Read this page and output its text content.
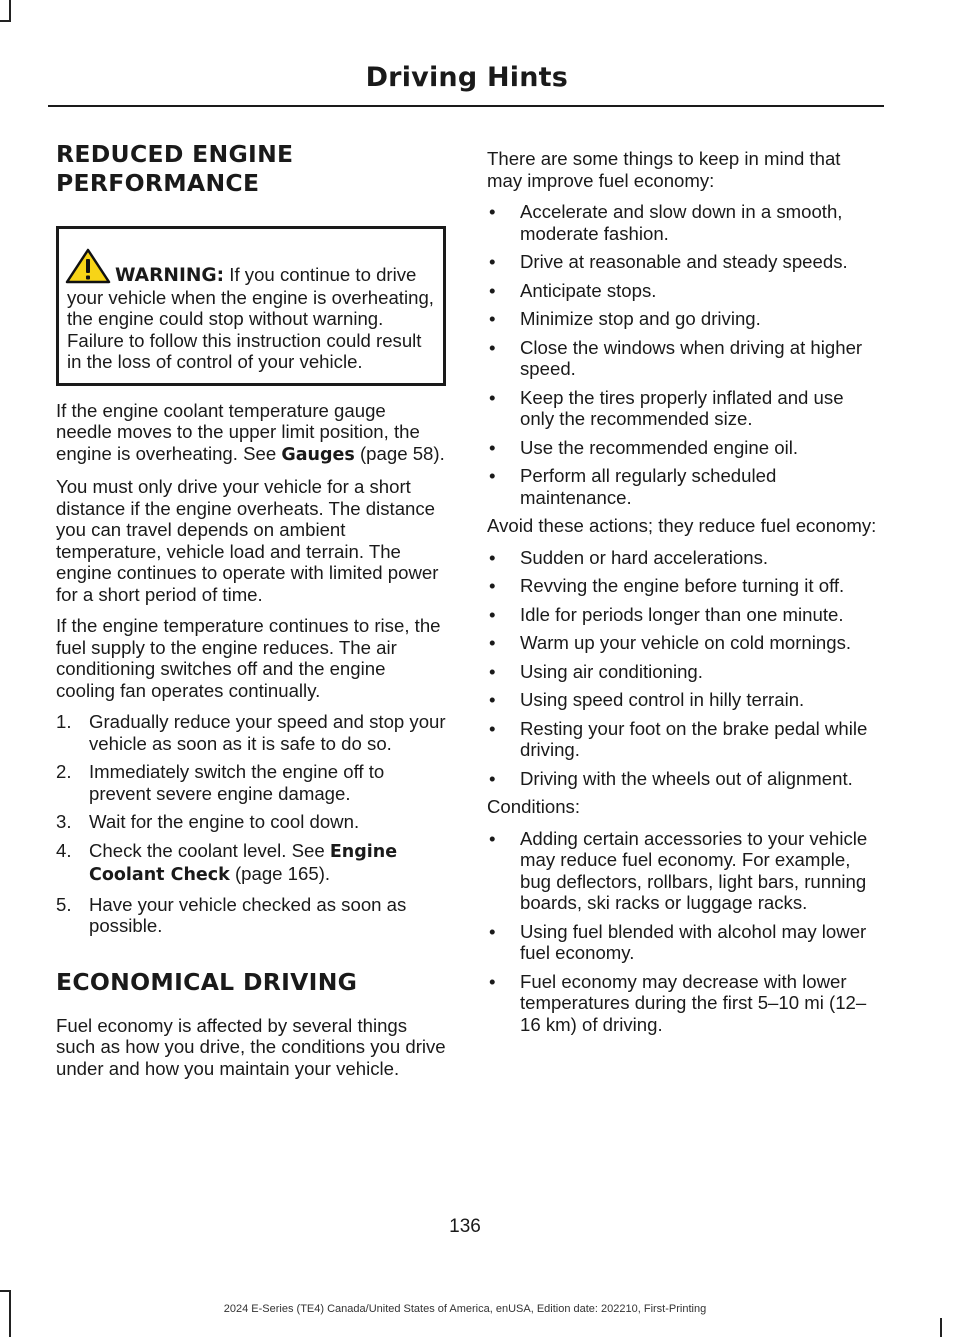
Driving Hints
REDUCED ENGINE
PERFORMANCE
WARNING: If you continue to drive your vehicle when the engine is overheating, the engine could stop without warning. Failure to follow this instruction could result in the loss of control of your vehicle.

If the engine coolant temperature gauge needle moves to the upper limit position, the engine is overheating. See Gauges (page 58).

You must only drive your vehicle for a short distance if the engine overheats. The distance you can travel depends on ambient temperature, vehicle load and terrain. The engine continues to operate with limited power for a short period of time.

If the engine temperature continues to rise, the fuel supply to the engine reduces. The air conditioning switches off and the engine cooling fan operates continually.

1. Gradually reduce your speed and stop your vehicle as soon as it is safe to do so.
2. Immediately switch the engine off to prevent severe engine damage.
3. Wait for the engine to cool down.
4. Check the coolant level. See Engine Coolant Check (page 165).
5. Have your vehicle checked as soon as possible.
ECONOMICAL DRIVING

Fuel economy is affected by several things such as how you drive, the conditions you drive under and how you maintain your vehicle.

There are some things to keep in mind that may improve fuel economy:

• Accelerate and slow down in a smooth, moderate fashion.
• Drive at reasonable and steady speeds.
• Anticipate stops.
• Minimize stop and go driving.
• Close the windows when driving at higher speed.
• Keep the tires properly inflated and use only the recommended size.
• Use the recommended engine oil.
• Perform all regularly scheduled maintenance.

Avoid these actions; they reduce fuel economy:

• Sudden or hard accelerations.
• Revving the engine before turning it off.
• Idle for periods longer than one minute.
• Warm up your vehicle on cold mornings.
• Using air conditioning.
• Using speed control in hilly terrain.
• Resting your foot on the brake pedal while driving.
• Driving with the wheels out of alignment.

Conditions:

• Adding certain accessories to your vehicle may reduce fuel economy. For example, bug deflectors, rollbars, light bars, running boards, ski racks or luggage racks.
• Using fuel blended with alcohol may lower fuel economy.
• Fuel economy may decrease with lower temperatures during the first 5–10 mi (12–16 km) of driving.
136
2024 E-Series (TE4) Canada/United States of America, enUSA, Edition date: 202210, First-Printing
